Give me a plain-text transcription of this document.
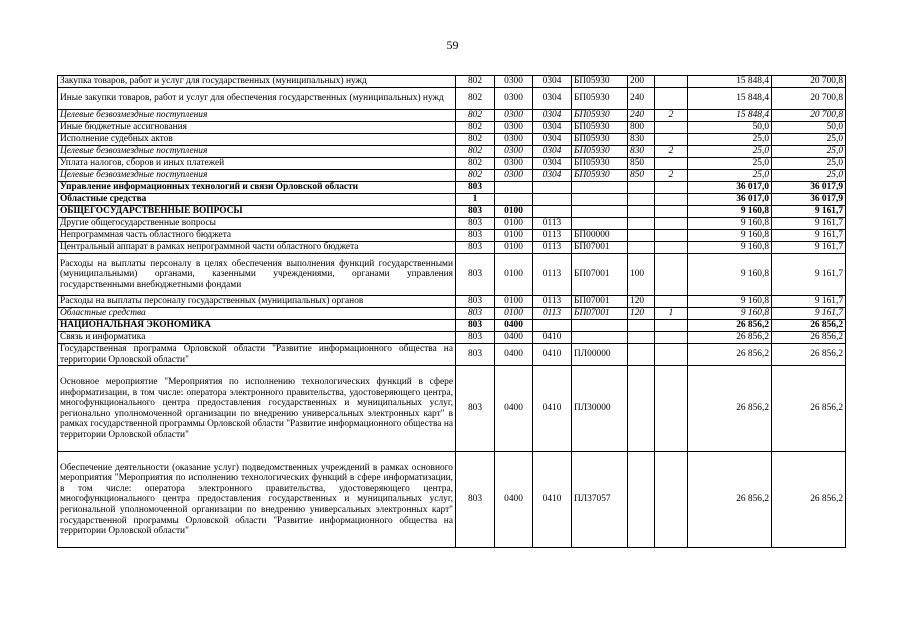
59
Закупка товаров, работ и услуг для государственных (муниципальных) нужд	802	0300	0304	БП05930	200		15 848,4	20 700,8
Иные закупки товаров, работ и услуг для обеспечения государственных (муниципальных) нужд	802	0300	0304	БП05930	240		15 848,4	20 700,8
Целевые безвозмездные поступления	802	0300	0304	БП05930	240	2	15 848,4	20 700,8
Иные бюджетные ассигнования	802	0300	0304	БП05930	800		50,0	50,0
Исполнение судебных актов	802	0300	0304	БП05930	830		25,0	25,0
Целевые безвозмездные поступления	802	0300	0304	БП05930	830	2	25,0	25,0
Уплата налогов, сборов и иных платежей	802	0300	0304	БП05930	850		25,0	25,0
Целевые безвозмездные поступления	802	0300	0304	БП05930	850	2	25,0	25,0
Управление информационных технологий и связи Орловской области	803						36 017,0	36 017,9
Областные средства	1						36 017,0	36 017,9
ОБЩЕГОСУДАРСТВЕННЫЕ ВОПРОСЫ	803	0100					9 160,8	9 161,7
Другие общегосударственные вопросы	803	0100	0113				9 160,8	9 161,7
Непрограммная часть областного бюджета	803	0100	0113	БП00000			9 160,8	9 161,7
Центральный аппарат в рамках непрограммной части областного бюджета	803	0100	0113	БП07001			9 160,8	9 161,7
Расходы на выплаты персоналу в целях обеспечения выполнения функций государственными (муниципальными) органами, казенными учреждениями, органами управления государственными внебюджетными фондами	803	0100	0113	БП07001	100		9 160,8	9 161,7
Расходы на выплаты персоналу государственных (муниципальных) органов	803	0100	0113	БП07001	120		9 160,8	9 161,7
Областные средства	803	0100	0113	БП07001	120	1	9 160,8	9 161,7
НАЦИОНАЛЬНАЯ ЭКОНОМИКА	803	0400					26 856,2	26 856,2
Связь и информатика	803	0400	0410				26 856,2	26 856,2
Государственная программа Орловской области "Развитие информационного общества на территории Орловской области"	803	0400	0410	ПЛ00000			26 856,2	26 856,2
Основное мероприятие "Мероприятия по исполнению технологических функций в сфере информатизации, в том числе: оператора электронного правительства, удостоверяющего центра, многофункционального центра предоставления государственных и муниципальных услуг, регионально уполномоченной организации по внедрению универсальных электронных карт" в рамках государственной программы Орловской области "Развитие информационного общества на территории Орловской области"	803	0400	0410	ПЛ30000			26 856,2	26 856,2
Обеспечение деятельности (оказание услуг) подведомственных учреждений в рамках основного мероприятия "Мероприятия по исполнению технологических функций в сфере информатизации, в том числе: оператора электронного правительства, удостоверяющего центра, многофункционального центра предоставления государственных и муниципальных услуг, региональной уполномоченной организации по внедрению универсальных электронных карт" государственной программы Орловской области "Развитие информационного общества на территории Орловской области"	803	0400	0410	ПЛ37057			26 856,2	26 856,2
